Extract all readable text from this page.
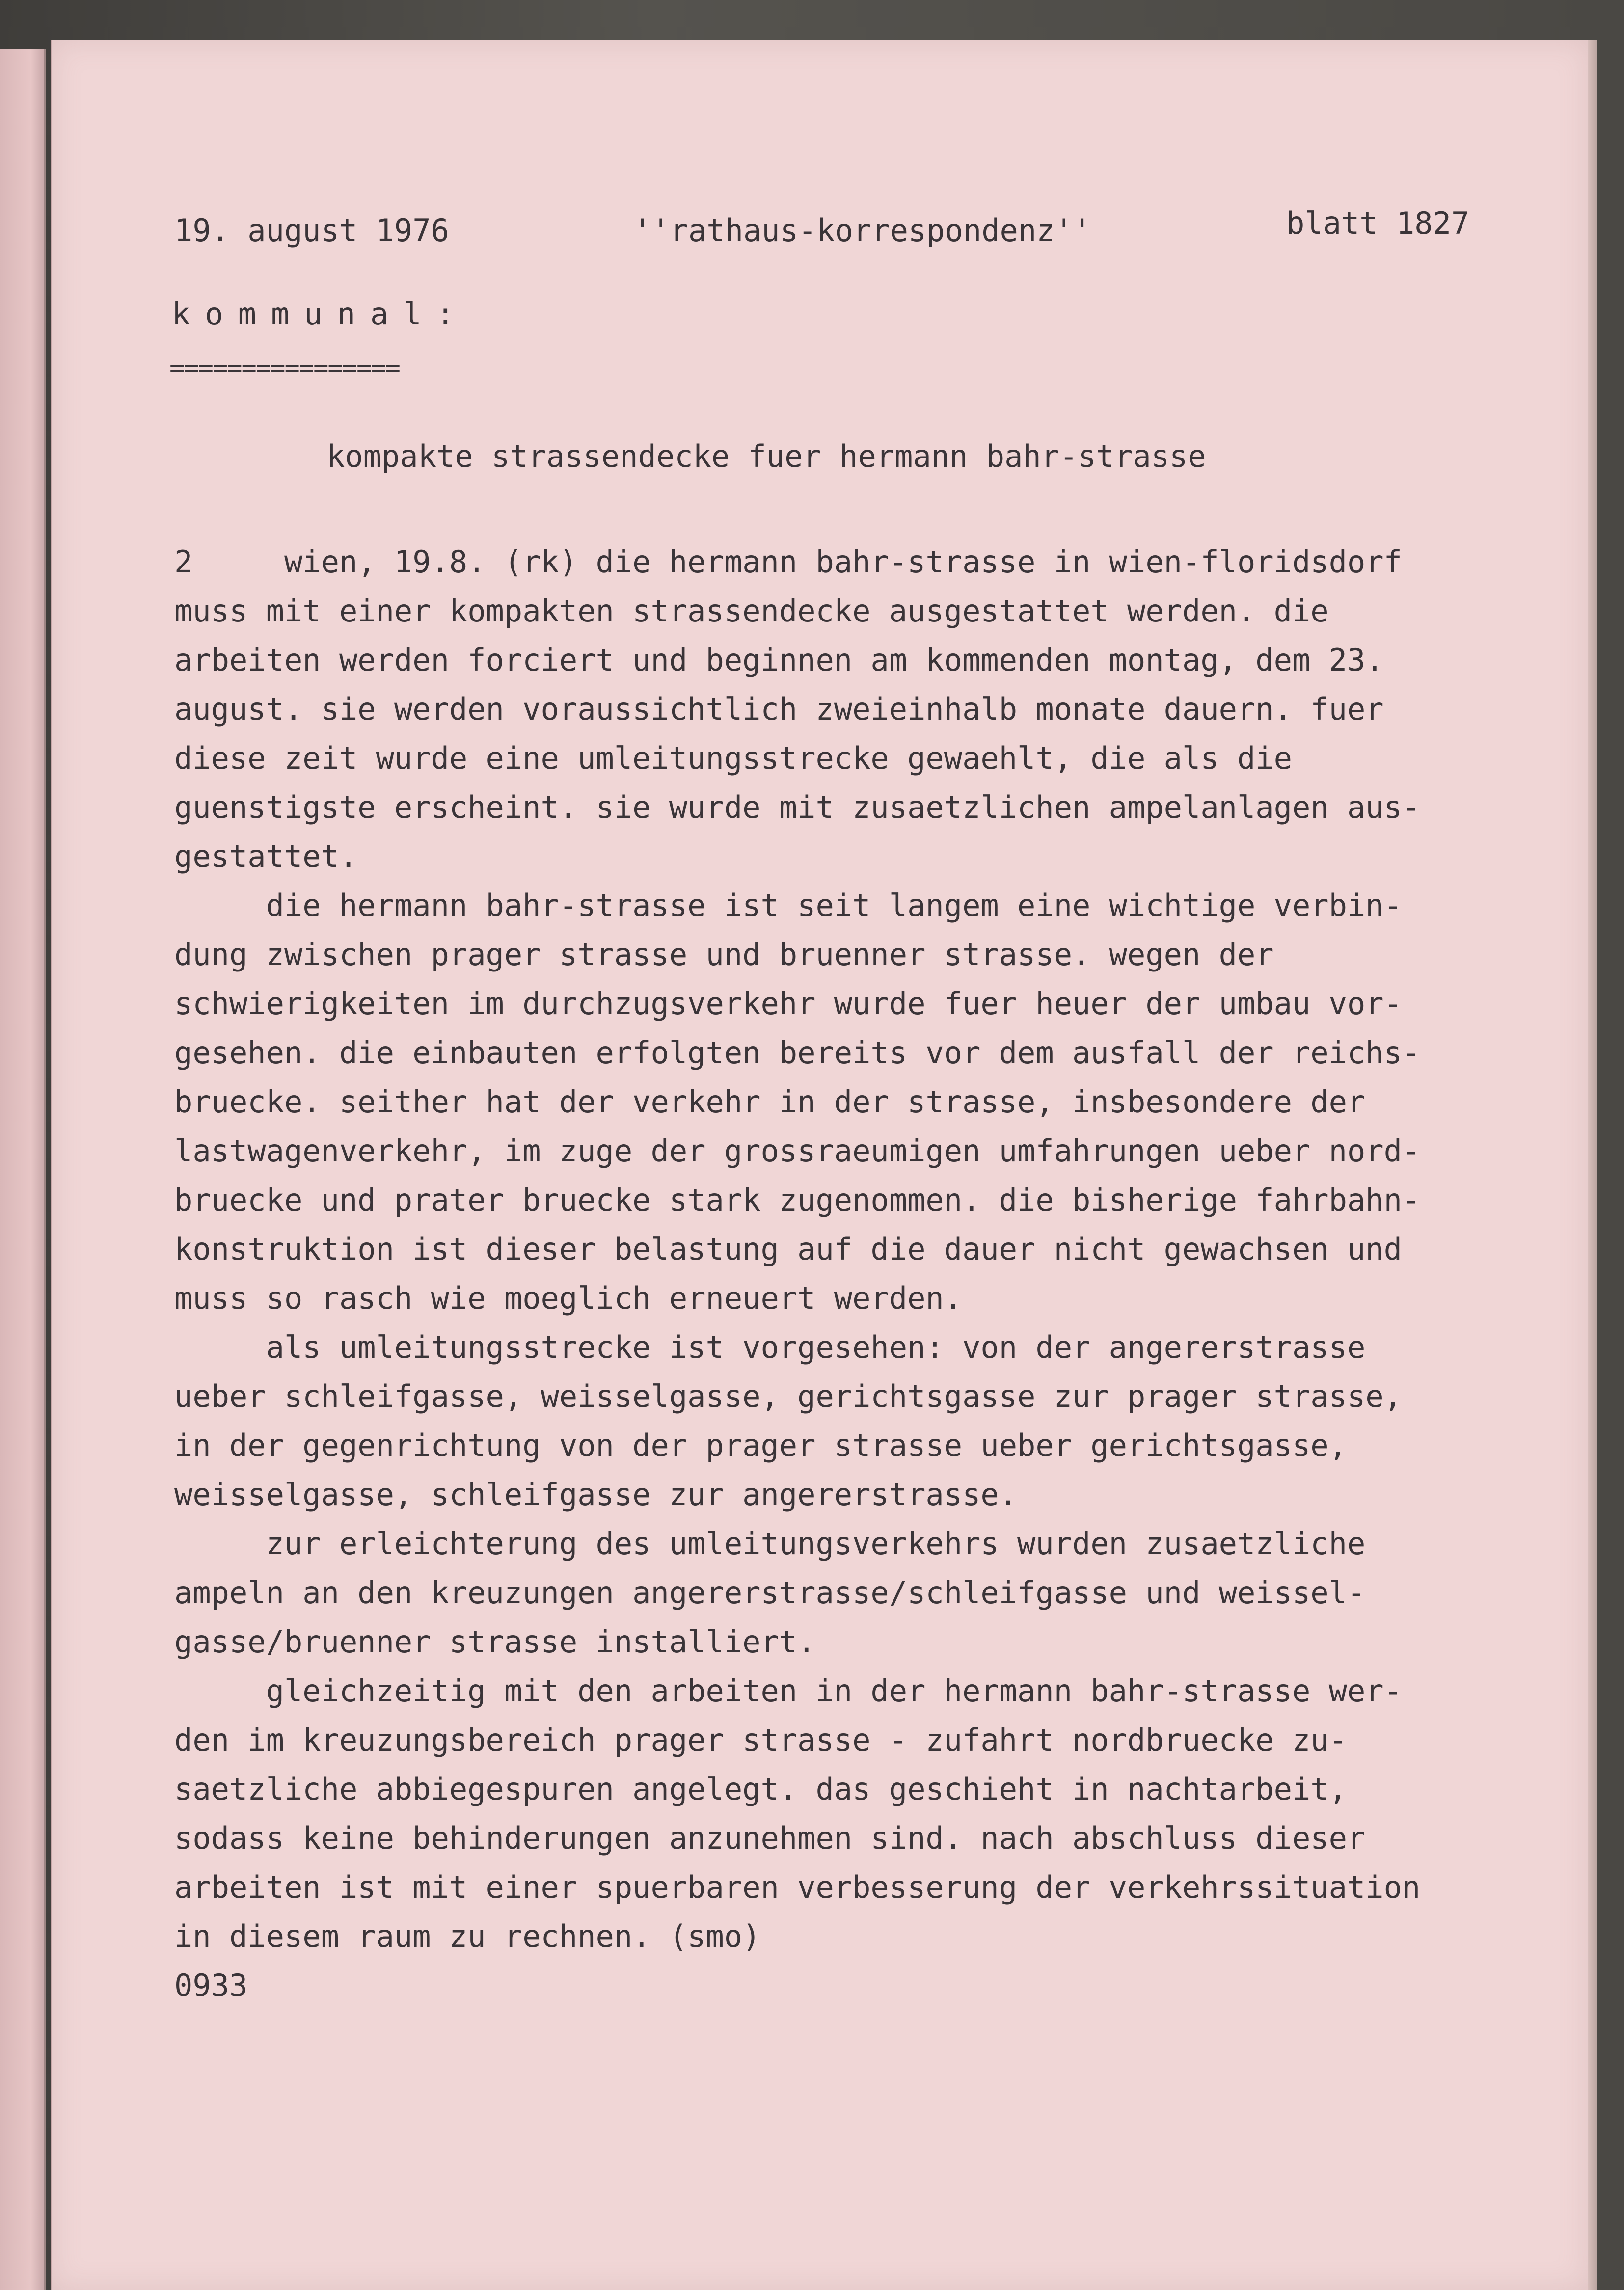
19. august 1976	''rathaus-korrespondenz''	blatt 1827

kommunal:

================

kompakte strassendecke fuer hermann bahr-strasse

2     wien, 19.8. (rk) die hermann bahr-strasse in wien-floridsdorf

muss mit einer kompakten strassendecke ausgestattet werden. die

arbeiten werden forciert und beginnen am kommenden montag, dem 23.

august. sie werden voraussichtlich zweieinhalb monate dauern. fuer

diese zeit wurde eine umleitungsstrecke gewaehlt, die als die

guenstigste erscheint. sie wurde mit zusaetzlichen ampelanlagen aus-

gestattet.

die hermann bahr-strasse ist seit langem eine wichtige verbin-

dung zwischen prager strasse und bruenner strasse. wegen der

schwierigkeiten im durchzugsverkehr wurde fuer heuer der umbau vor-

gesehen. die einbauten erfolgten bereits vor dem ausfall der reichs-

bruecke. seither hat der verkehr in der strasse, insbesondere der

lastwagenverkehr, im zuge der grossraeumigen umfahrungen ueber nord-

bruecke und prater bruecke stark zugenommen. die bisherige fahrbahn-

konstruktion ist dieser belastung auf die dauer nicht gewachsen und

muss so rasch wie moeglich erneuert werden.

als umleitungsstrecke ist vorgesehen: von der angererstrasse

ueber schleifgasse, weisselgasse, gerichtsgasse zur prager strasse,

in der gegenrichtung von der prager strasse ueber gerichtsgasse,

weisselgasse, schleifgasse zur angererstrasse.

zur erleichterung des umleitungsverkehrs wurden zusaetzliche

ampeln an den kreuzungen angererstrasse/schleifgasse und weissel-

gasse/bruenner strasse installiert.

gleichzeitig mit den arbeiten in der hermann bahr-strasse wer-

den im kreuzungsbereich prager strasse - zufahrt nordbruecke zu-

saetzliche abbiegespuren angelegt. das geschieht in nachtarbeit,

sodass keine behinderungen anzunehmen sind. nach abschluss dieser

arbeiten ist mit einer spuerbaren verbesserung der verkehrssituation

in diesem raum zu rechnen. (smo)

0933
